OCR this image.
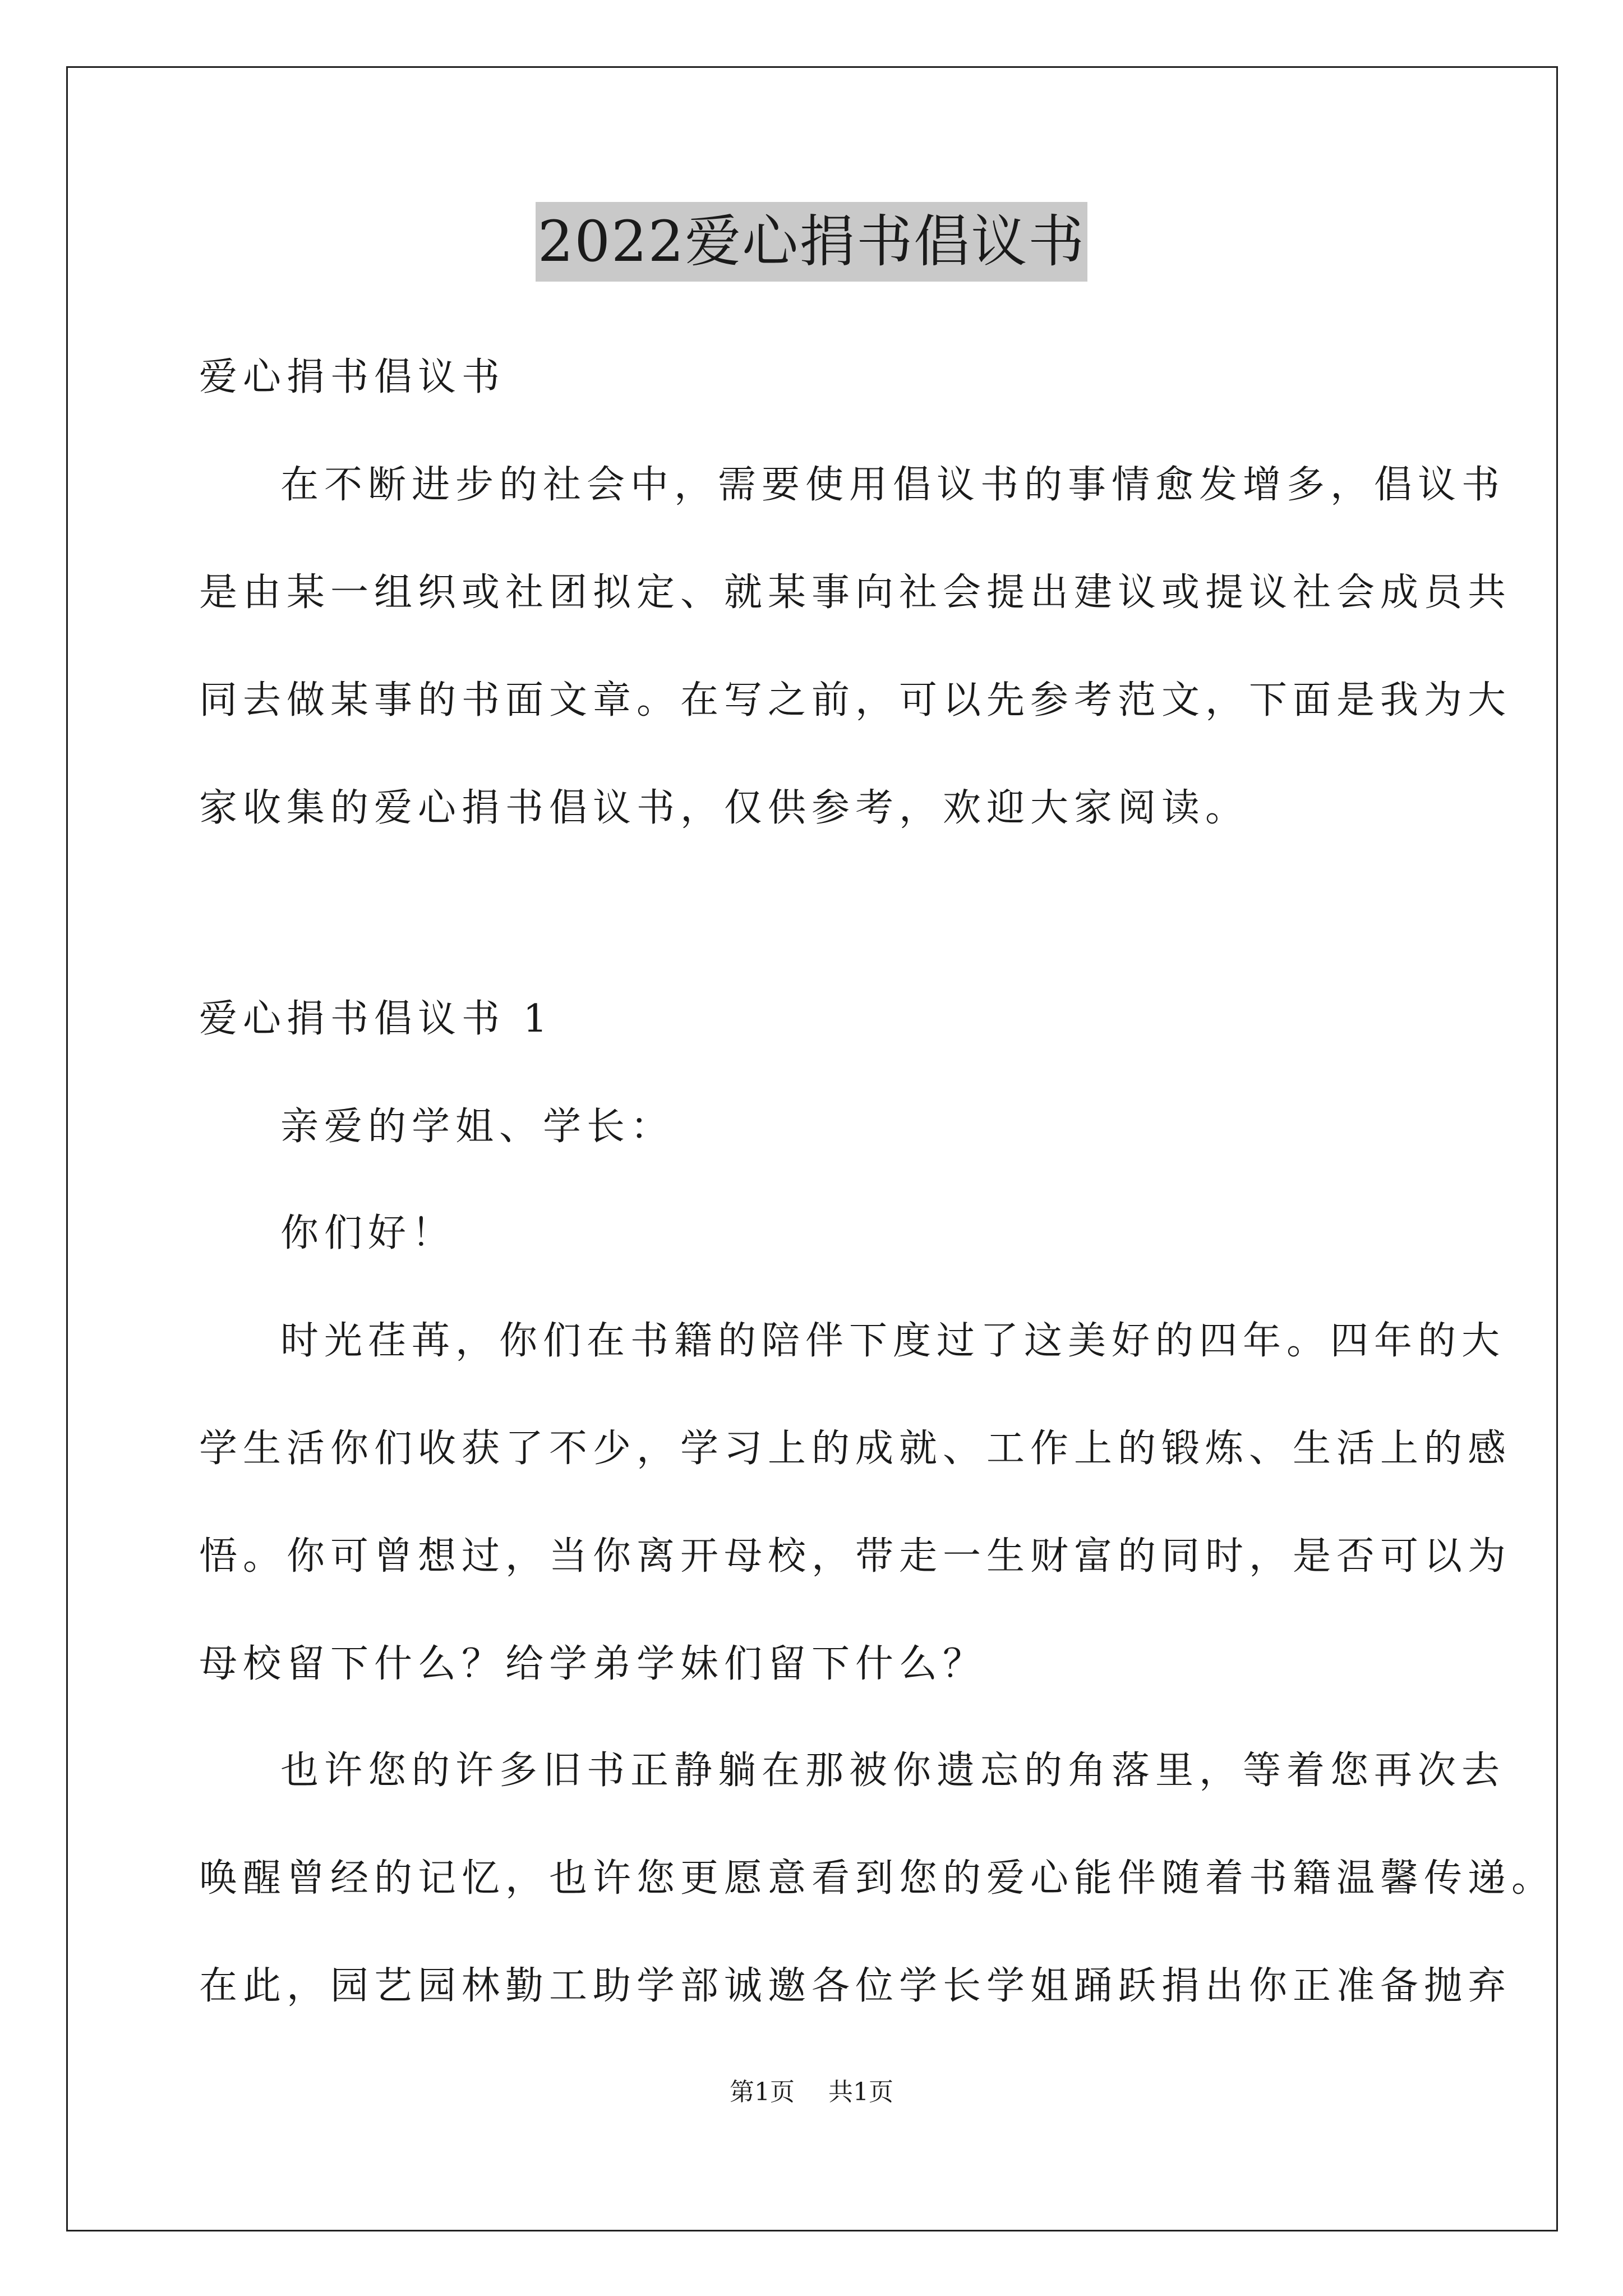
2022爱心捐书倡议书
爱心捐书倡议书
在不断进步的社会中，需要使用倡议书的事情愈发增多，倡议书
是由某一组织或社团拟定、就某事向社会提出建议或提议社会成员共
同去做某事的书面文章。在写之前，可以先参考范文，下面是我为大
家收集的爱心捐书倡议书，仅供参考，欢迎大家阅读。
爱心捐书倡议书 1
亲爱的学姐、学长：
你们好！
时光荏苒，你们在书籍的陪伴下度过了这美好的四年。四年的大
学生活你们收获了不少，学习上的成就、工作上的锻炼、生活上的感
悟。你可曾想过，当你离开母校，带走一生财富的同时，是否可以为
母校留下什么？给学弟学妹们留下什么？
也许您的许多旧书正静躺在那被你遗忘的角落里，等着您再次去
唤醒曾经的记忆，也许您更愿意看到您的爱心能伴随着书籍温馨传递。
在此，园艺园林勤工助学部诚邀各位学长学姐踊跃捐出你正准备抛弃
第1页 共1页
